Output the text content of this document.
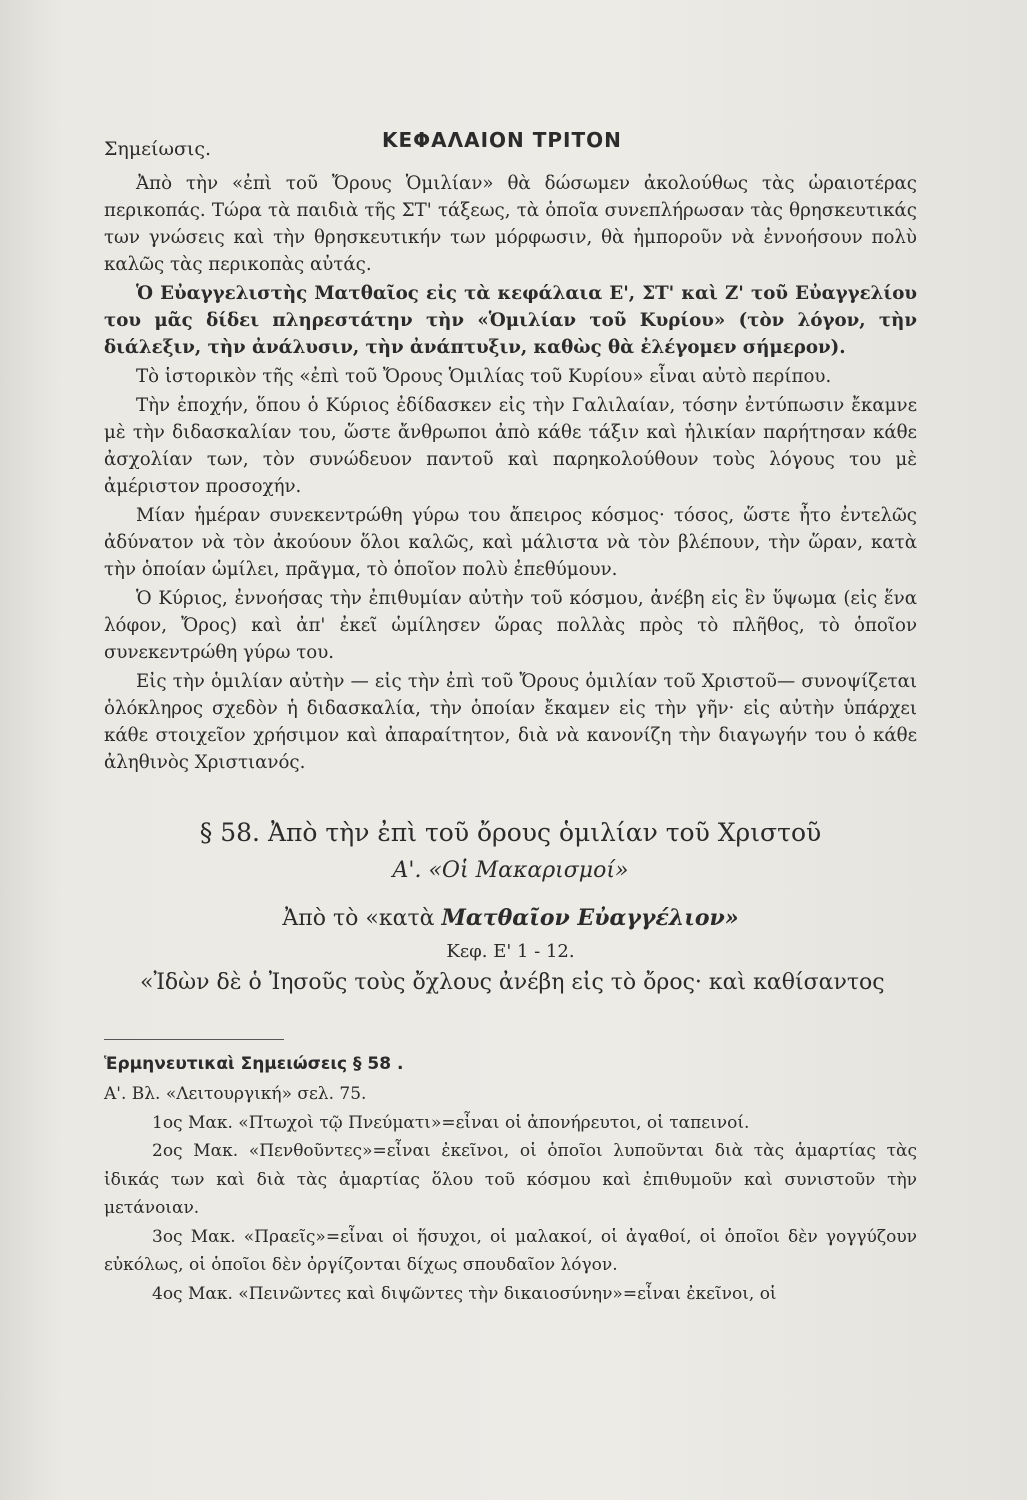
ΚΕΦΑΛΑΙΟΝ ΤΡΙΤΟΝ
Σημείωσις.

Ἀπὸ τὴν «ἐπὶ τοῦ Ὄρους Ὁμιλίαν» θὰ δώσωμεν ἀκολούθως τὰς ὡραιοτέρας περικοπάς. Τώρα τὰ παιδιὰ τῆς ΣΤ' τάξεως, τὰ ὁποῖα συνεπλήρωσαν τὰς θρησκευτικάς των γνώσεις καὶ τὴν θρησκευτικήν των μόρφωσιν, θὰ ἠμποροῦν νὰ ἐννοήσουν πολὺ καλῶς τὰς περικοπὰς αὐτάς.

Ὁ Εὐαγγελιστὴς Ματθαῖος εἰς τὰ κεφάλαια Ε', ΣΤ' καὶ Ζ' τοῦ Εὐαγγελίου του μᾶς δίδει πληρεστάτην τὴν «Ὁμιλίαν τοῦ Κυρίου» (τὸν λόγον, τὴν διάλεξιν, τὴν ἀνάλυσιν, τὴν ἀνάπτυξιν, καθὼς θὰ ἐλέγομεν σήμερον).

Τὸ ἱστορικὸν τῆς «ἐπὶ τοῦ Ὄρους Ὁμιλίας τοῦ Κυρίου» εἶναι αὐτὸ περίπου.

Τὴν ἐποχήν, ὅπου ὁ Κύριος ἐδίδασκεν εἰς τὴν Γαλιλαίαν, τόσην ἐντύπωσιν ἔκαμνε μὲ τὴν διδασκαλίαν του, ὥστε ἄνθρωποι ἀπὸ κάθε τάξιν καὶ ἡλικίαν παρήτησαν κάθε ἀσχολίαν των, τὸν συνώδευον παντοῦ καὶ παρηκολούθουν τοὺς λόγους του μὲ ἀμέριστον προσοχήν.

Μίαν ἡμέραν συνεκεντρώθη γύρω του ἄπειρος κόσμος· τόσος, ὥστε ἦτο ἐντελῶς ἀδύνατον νὰ τὸν ἀκούουν ὅλοι καλῶς, καὶ μάλιστα νὰ τὸν βλέπουν, τὴν ὥραν, κατὰ τὴν ὁποίαν ὡμίλει, πρᾶγμα, τὸ ὁποῖον πολὺ ἐπεθύμουν.

Ὁ Κύριος, ἐννοήσας τὴν ἐπιθυμίαν αὐτὴν τοῦ κόσμου, ἀνέβη εἰς ἓν ὕψωμα (εἰς ἕνα λόφον, Ὄρος) καὶ ἀπ' ἐκεῖ ὡμίλησεν ὥρας πολλὰς πρὸς τὸ πλῆθος, τὸ ὁποῖον συνεκεντρώθη γύρω του.

Εἰς τὴν ὁμιλίαν αὐτὴν — εἰς τὴν ἐπὶ τοῦ Ὄρους ὁμιλίαν τοῦ Χριστοῦ— συνοψίζεται ὁλόκληρος σχεδὸν ἡ διδασκαλία, τὴν ὁποίαν ἔκαμεν εἰς τὴν γῆν· εἰς αὐτὴν ὑπάρχει κάθε στοιχεῖον χρήσιμον καὶ ἀπαραίτητον, διὰ νὰ κανονίζη τὴν διαγωγήν του ὁ κάθε ἀληθινὸς Χριστιανός.

§ 58. Ἀπὸ τὴν ἐπὶ τοῦ ὄρους ὁμιλίαν τοῦ Χριστοῦ
Α'. «Οἱ Μακαρισμοί»
Ἀπὸ τὸ «κατὰ Ματθαῖον Εὐαγγέλιον»
Κεφ. Ε' 1 - 12.
«Ἰδὼν δὲ ὁ Ἰησοῦς τοὺς ὄχλους ἀνέβη εἰς τὸ ὄρος· καὶ καθίσαντος
Ἑρμηνευτικαὶ Σημειώσεις § 58 .

Α'. Βλ. «Λειτουργική» σελ. 75.

1ος Μακ. «Πτωχοὶ τῷ Πνεύματι»=εἶναι οἱ ἀπονήρευτοι, οἱ ταπεινοί.

2ος Μακ. «Πενθοῦντες»=εἶναι ἐκεῖνοι, οἱ ὁποῖοι λυποῦνται διὰ τὰς ἁμαρτίας τὰς ἰδικάς των καὶ διὰ τὰς ἁμαρτίας ὅλου τοῦ κόσμου καὶ ἐπιθυμοῦν καὶ συνιστοῦν τὴν μετάνοιαν.

3ος Μακ. «Πραεῖς»=εἶναι οἱ ἥσυχοι, οἱ μαλακοί, οἱ ἀγαθοί, οἱ ὁποῖοι δὲν γογγύζουν εὐκόλως, οἱ ὁποῖοι δὲν ὀργίζονται δίχως σπουδαῖον λόγον.

4ος Μακ. «Πεινῶντες καὶ διψῶντες τὴν δικαιοσύνην»=εἶναι ἐκεῖνοι, οἱ
